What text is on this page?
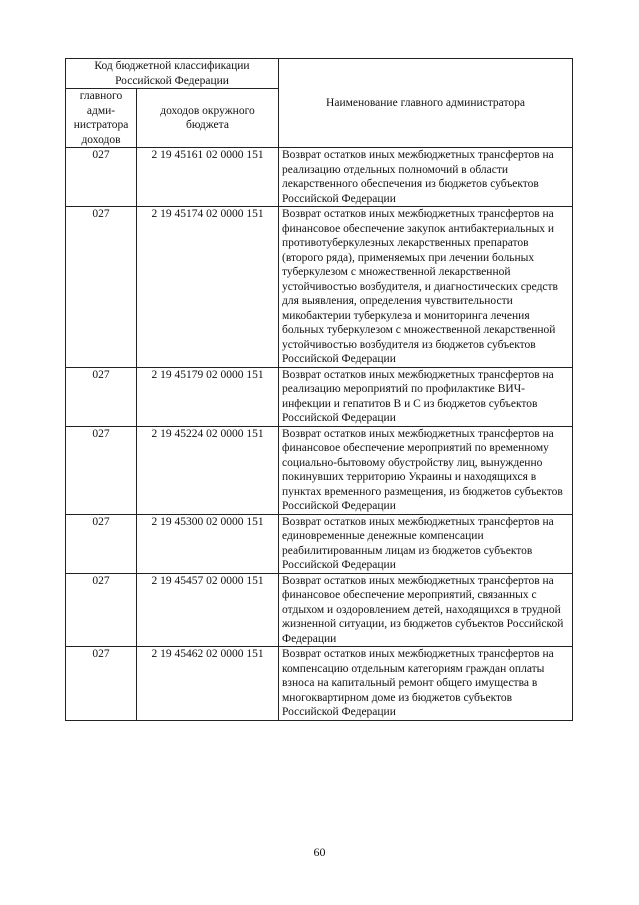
Код бюджетной классификации Российской Федерации		Наименование главного администратора
главного адми-нистратора доходов	доходов окружного бюджета	
027	2 19 45161 02 0000 151	Возврат остатков иных межбюджетных трансфертов на реализацию отдельных полномочий в области лекарственного обеспечения из бюджетов субъектов Российской Федерации
027	2 19 45174 02 0000 151	Возврат остатков иных межбюджетных трансфертов на финансовое обеспечение закупок антибактериальных и противотуберкулезных лекарственных препаратов (второго ряда), применяемых при лечении больных туберкулезом с множественной лекарственной устойчивостью возбудителя, и диагностических средств для выявления, определения чувствительности микобактерии туберкулеза и мониторинга лечения больных туберкулезом с множественной лекарственной устойчивостью возбудителя из бюджетов субъектов Российской Федерации
027	2 19 45179 02 0000 151	Возврат остатков иных межбюджетных трансфертов на реализацию мероприятий по профилактике ВИЧ-инфекции и гепатитов B и C из бюджетов субъектов Российской Федерации
027	2 19 45224 02 0000 151	Возврат остатков иных межбюджетных трансфертов на финансовое обеспечение мероприятий по временному социально-бытовому обустройству лиц, вынужденно покинувших территорию Украины и находящихся в пунктах временного размещения, из бюджетов субъектов Российской Федерации
027	2 19 45300 02 0000 151	Возврат остатков иных межбюджетных трансфертов на единовременные денежные компенсации реабилитированным лицам из бюджетов субъектов Российской Федерации
027	2 19 45457 02 0000 151	Возврат остатков иных межбюджетных трансфертов на финансовое обеспечение мероприятий, связанных с отдыхом и оздоровлением детей, находящихся в трудной жизненной ситуации, из бюджетов субъектов Российской Федерации
027	2 19 45462 02 0000 151	Возврат остатков иных межбюджетных трансфертов на компенсацию отдельным категориям граждан оплаты взноса на капитальный ремонт общего имущества в многоквартирном доме из бюджетов субъектов Российской Федерации
60
